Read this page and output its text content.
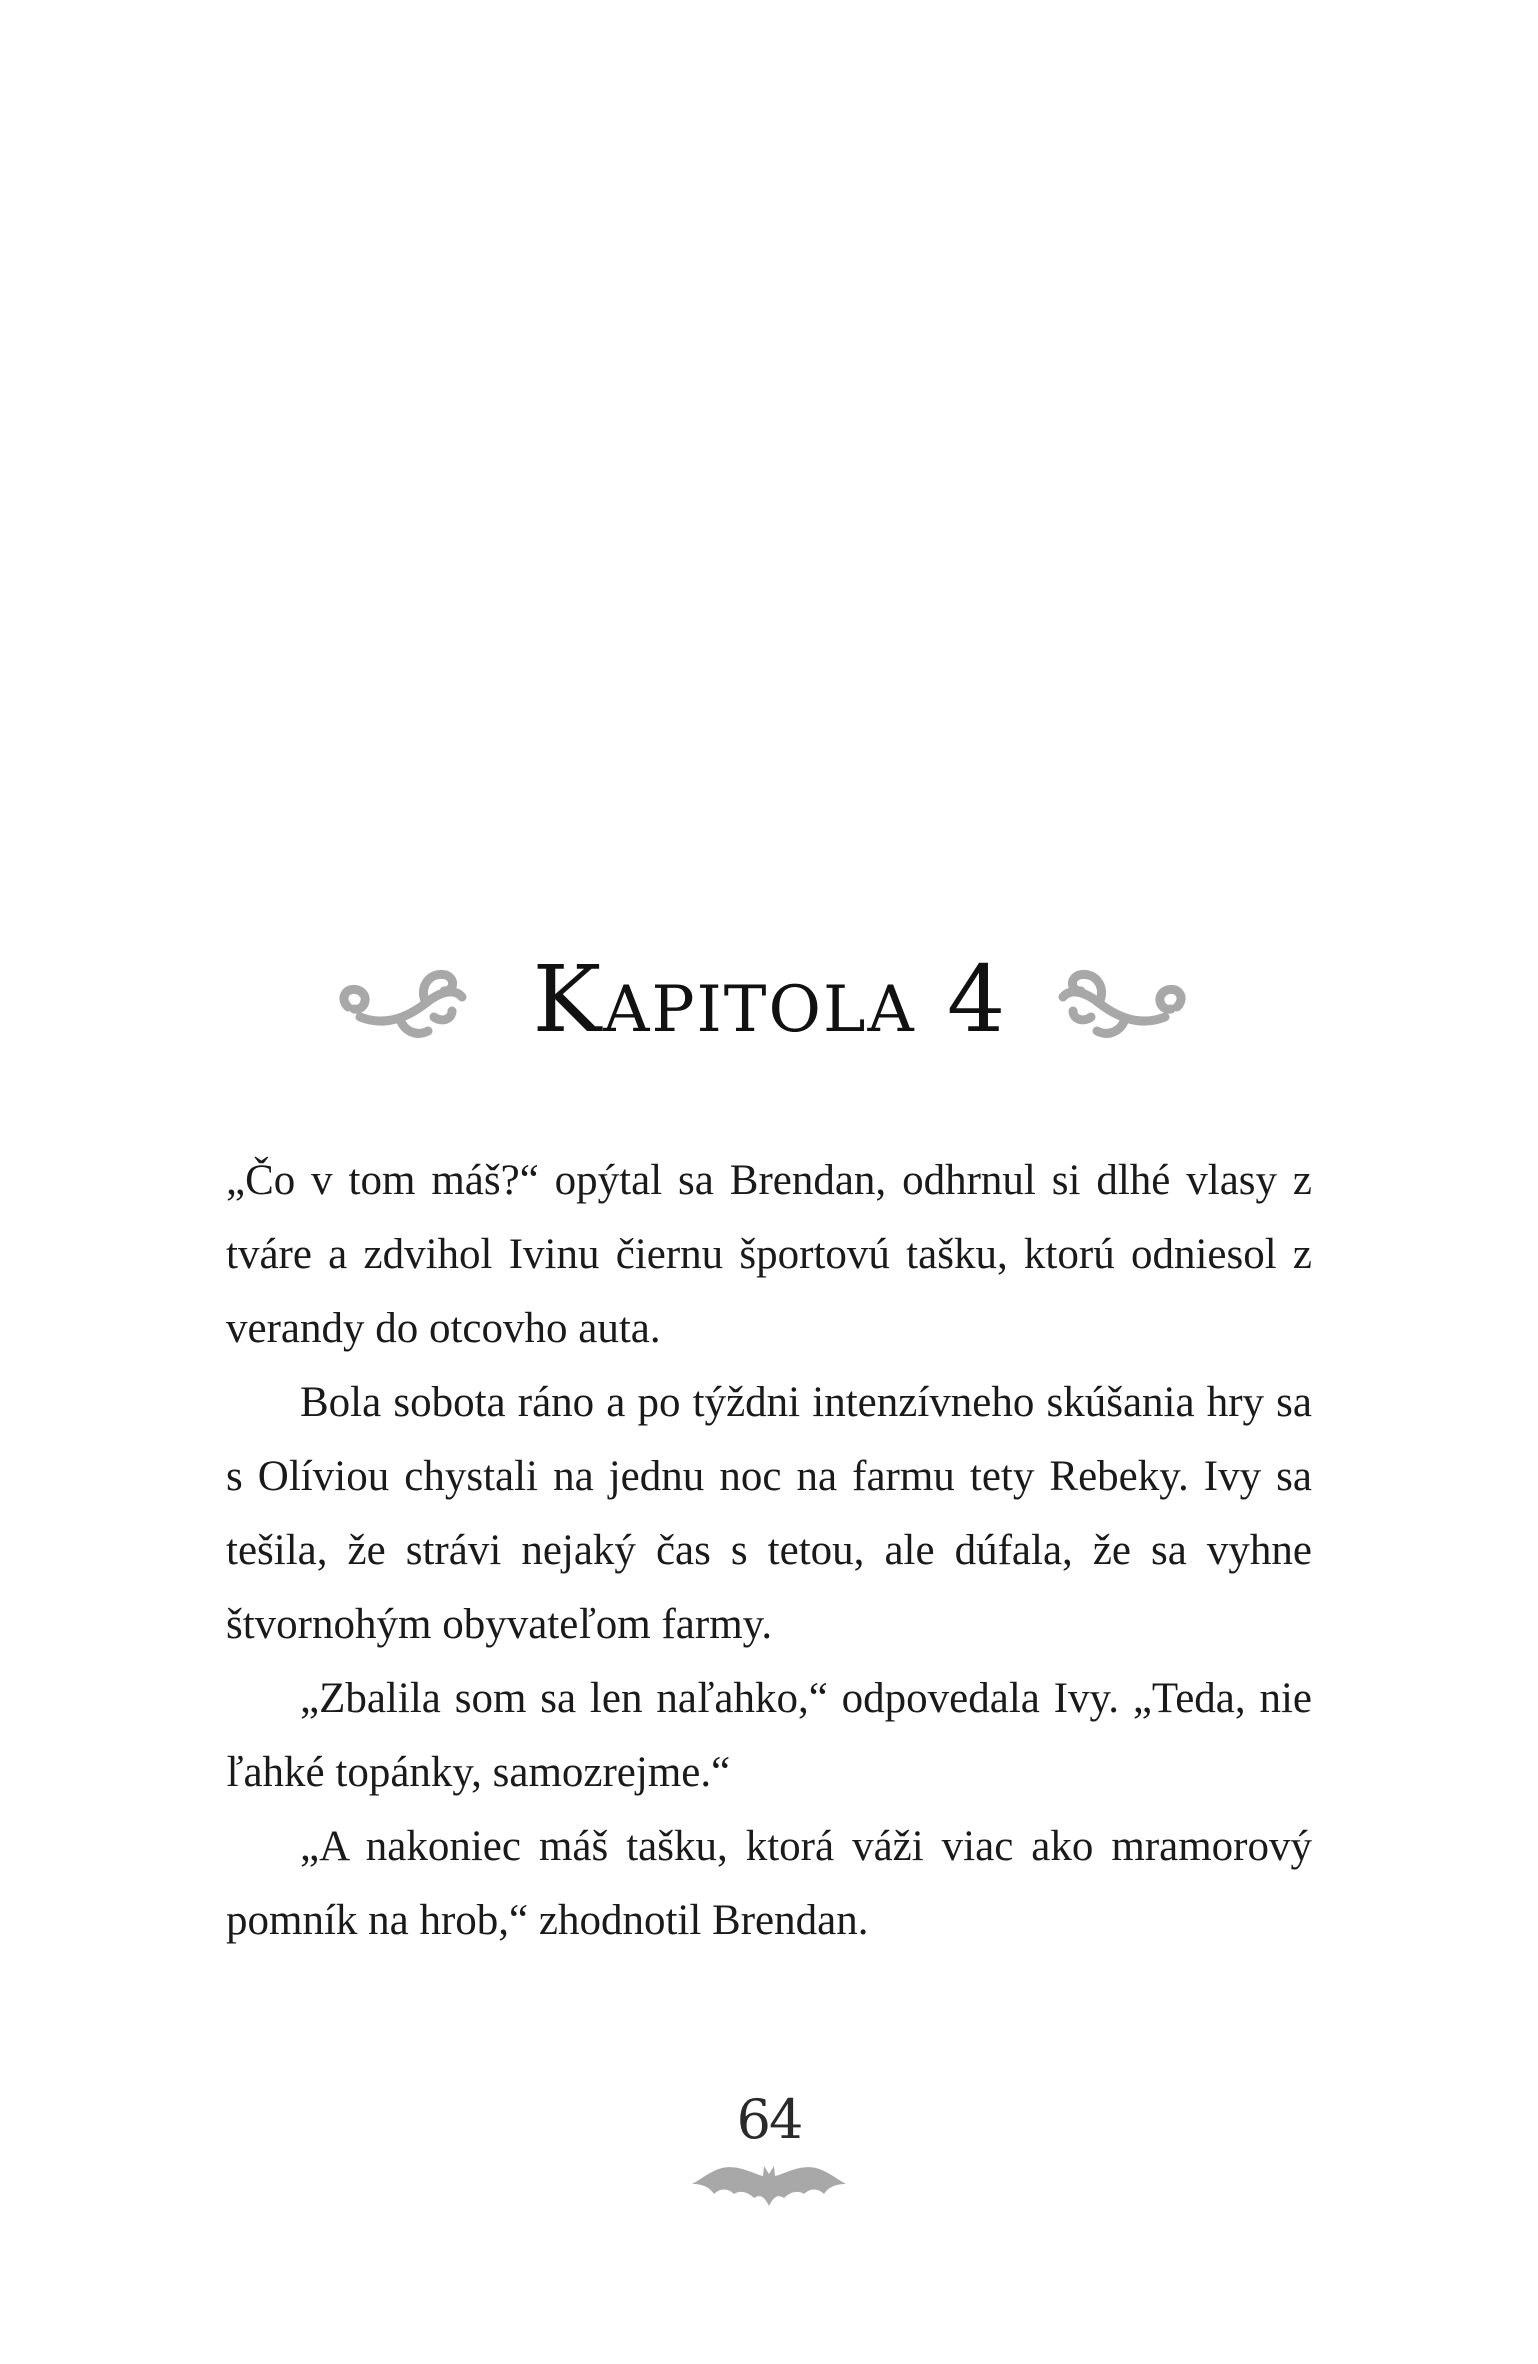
Kapitola 4

„Čo v tom máš?“ opýtal sa Brendan, odhrnul si dlhé vlasy z tváre a zdvihol Ivinu čiernu športovú tašku, ktorú odniesol z verandy do otcovho auta.

Bola sobota ráno a po týždni intenzívneho skúšania hry sa s Olíviou chystali na jednu noc na farmu tety Rebeky. Ivy sa tešila, že strávi nejaký čas s tetou, ale dúfala, že sa vyhne štvornohým obyvateľom farmy.

„Zbalila som sa len naľahko,“ odpovedala Ivy. „Teda, nie ľahké topánky, samozrejme.“

„A nakoniec máš tašku, ktorá váži viac ako mramorový pomník na hrob,“ zhodnotil Brendan.

64
